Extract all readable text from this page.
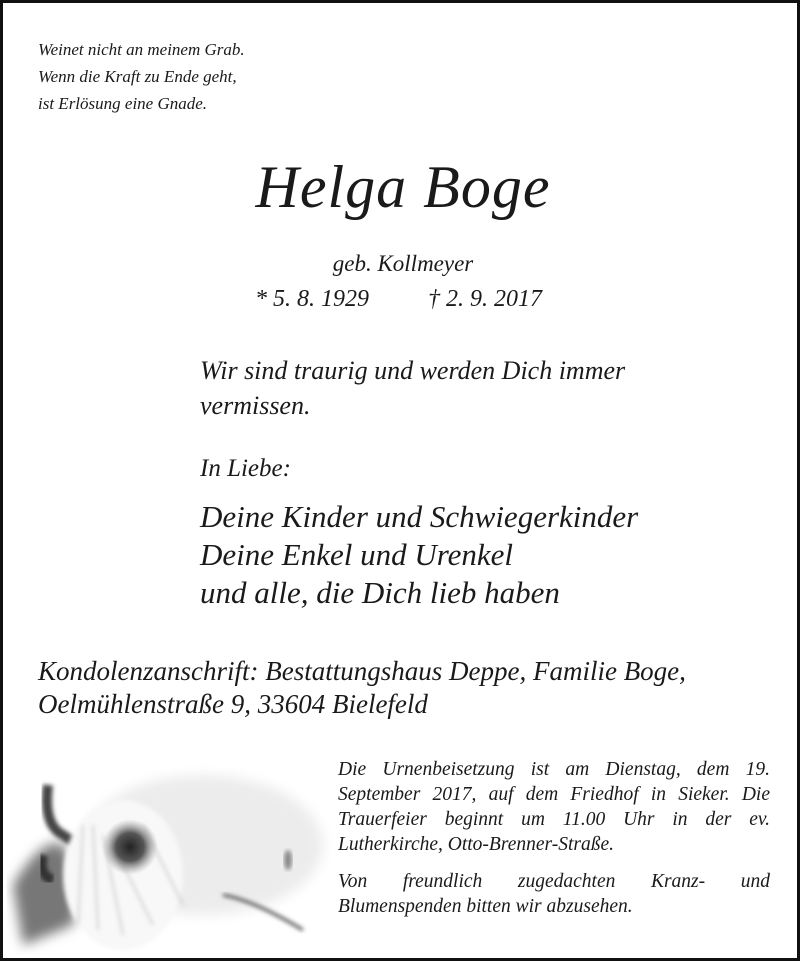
Weinet nicht an meinem Grab.
Wenn die Kraft zu Ende geht,
ist Erlösung eine Gnade.
Helga Boge
geb. Kollmeyer
* 5. 8. 1929 † 2. 9. 2017
Wir sind traurig und werden Dich immer
vermissen.
In Liebe:
Deine Kinder und Schwiegerkinder
Deine Enkel und Urenkel
und alle, die Dich lieb haben
Kondolenzanschrift: Bestattungshaus Deppe, Familie Boge,
Oelmühlenstraße 9, 33604 Bielefeld
Die Urnenbeisetzung ist am Dienstag, dem 19. September 2017, auf dem Friedhof in Sieker. Die Trauerfeier beginnt um 11.00 Uhr in der ev. Lutherkirche, Otto-Brenner-Straße.
Von freundlich zugedachten Kranz- und Blumenspenden bitten wir abzusehen.
